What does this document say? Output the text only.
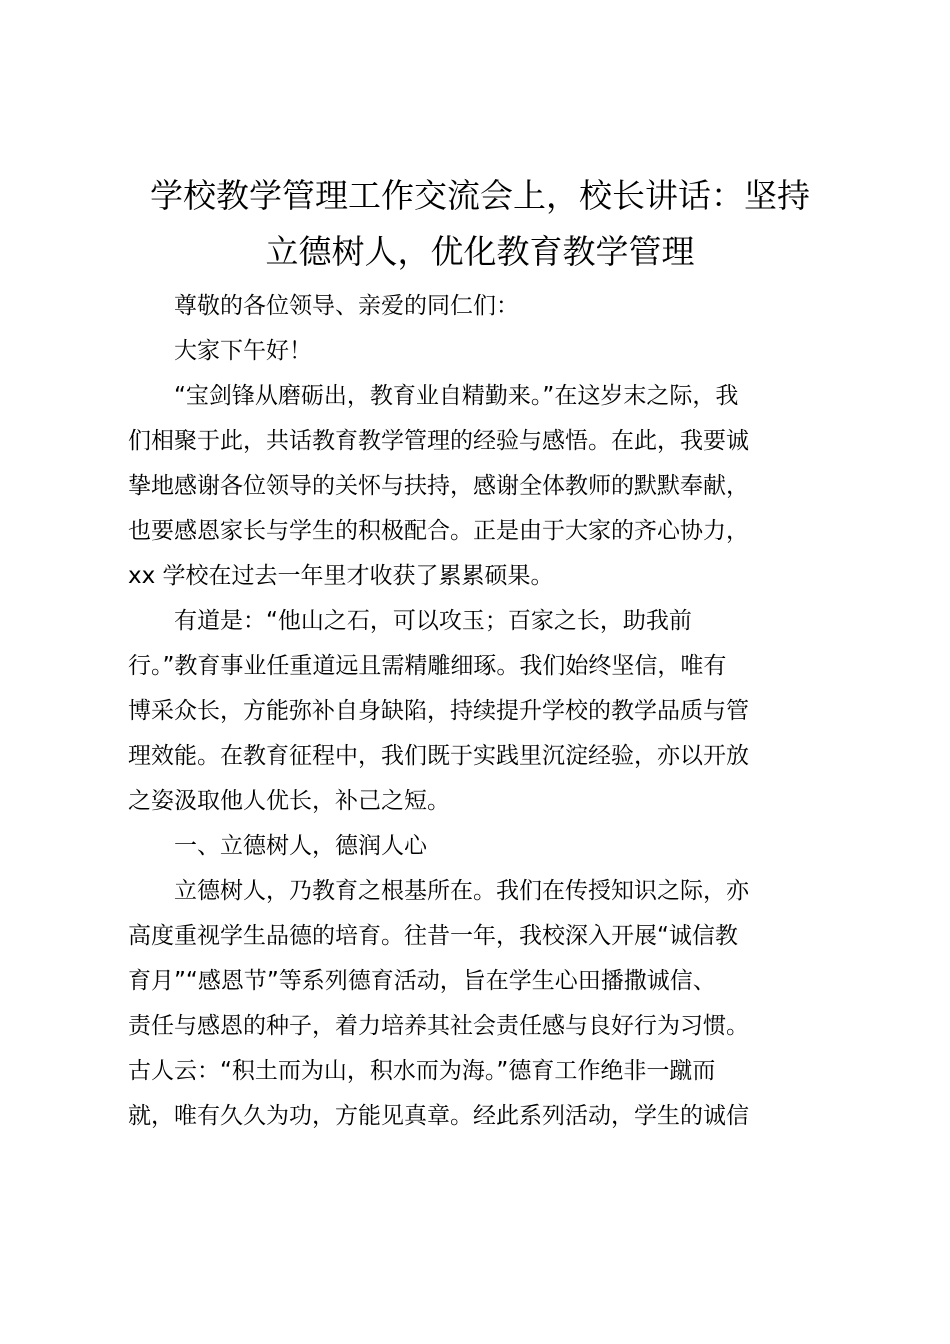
学校教学管理工作交流会上，校长讲话：坚持
立德树人，优化教育教学管理

　　尊敬的各位领导、亲爱的同仁们：

　　大家下午好！

　　“宝剑锋从磨砺出，教育业自精勤来。”在这岁末之际，我
们相聚于此，共话教育教学管理的经验与感悟。在此，我要诚
挚地感谢各位领导的关怀与扶持，感谢全体教师的默默奉献，
也要感恩家长与学生的积极配合。正是由于大家的齐心协力，
xx 学校在过去一年里才收获了累累硕果。

　　有道是：“他山之石，可以攻玉；百家之长，助我前
行。”教育事业任重道远且需精雕细琢。我们始终坚信，唯有
博采众长，方能弥补自身缺陷，持续提升学校的教学品质与管
理效能。在教育征程中，我们既于实践里沉淀经验，亦以开放
之姿汲取他人优长，补己之短。

　　一、立德树人，德润人心

　　立德树人，乃教育之根基所在。我们在传授知识之际，亦
高度重视学生品德的培育。往昔一年，我校深入开展“诚信教
育月”“感恩节”等系列德育活动，旨在学生心田播撒诚信、
责任与感恩的种子，着力培养其社会责任感与良好行为习惯。
古人云：“积土而为山，积水而为海。”德育工作绝非一蹴而
就，唯有久久为功，方能见真章。经此系列活动，学生的诚信
